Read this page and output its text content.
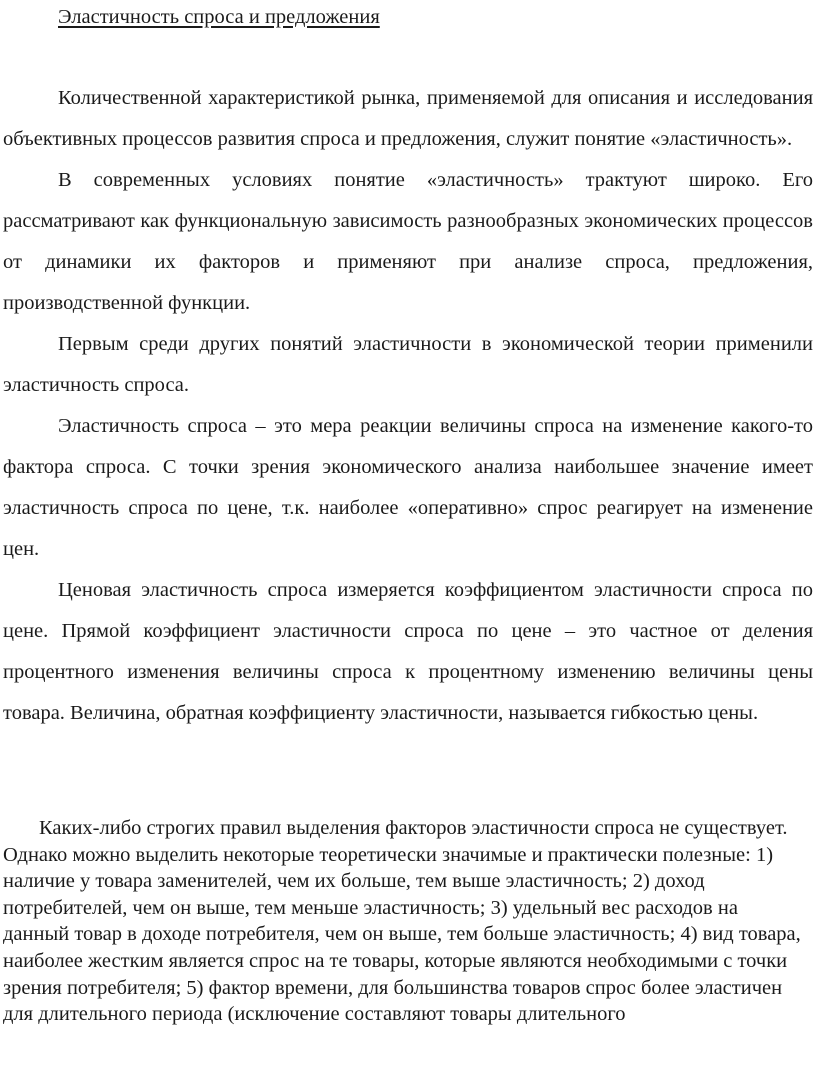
Эластичность спроса и предложения

Количественной характеристикой рынка, применяемой для описания и исследования объективных процессов развития спроса и предложения, служит понятие «эластичность».

В современных условиях понятие «эластичность» трактуют широко. Его рассматривают как функциональную зависимость разнообразных экономических процессов от динамики их факторов и применяют при анализе спроса, предложения, производственной функции.

Первым среди других понятий эластичности в экономической теории применили эластичность спроса.

Эластичность спроса – это мера реакции величины спроса на изменение какого-то фактора спроса. С точки зрения экономического анализа наибольшее значение имеет эластичность спроса по цене, т.к. наиболее «оперативно» спрос реагирует на изменение цен.

Ценовая эластичность спроса измеряется коэффициентом эластичности спроса по цене. Прямой коэффициент эластичности спроса по цене – это частное от деления процентного изменения величины спроса к процентному изменению величины цены товара. Величина, обратная коэффициенту эластичности, называется гибкостью цены.

Каких-либо строгих правил выделения факторов эластичности спроса не существует. Однако можно выделить некоторые теоретически значимые и практически полезные: 1) наличие у товара заменителей, чем их больше, тем выше эластичность; 2) доход потребителей, чем он выше, тем меньше эластичность; 3) удельный вес расходов на данный товар в доходе потребителя, чем он выше, тем больше эластичность; 4) вид товара, наиболее жестким является спрос на те товары, которые являются необходимыми с точки зрения потребителя; 5) фактор времени, для большинства товаров спрос более эластичен для длительного периода (исключение составляют товары длительного
